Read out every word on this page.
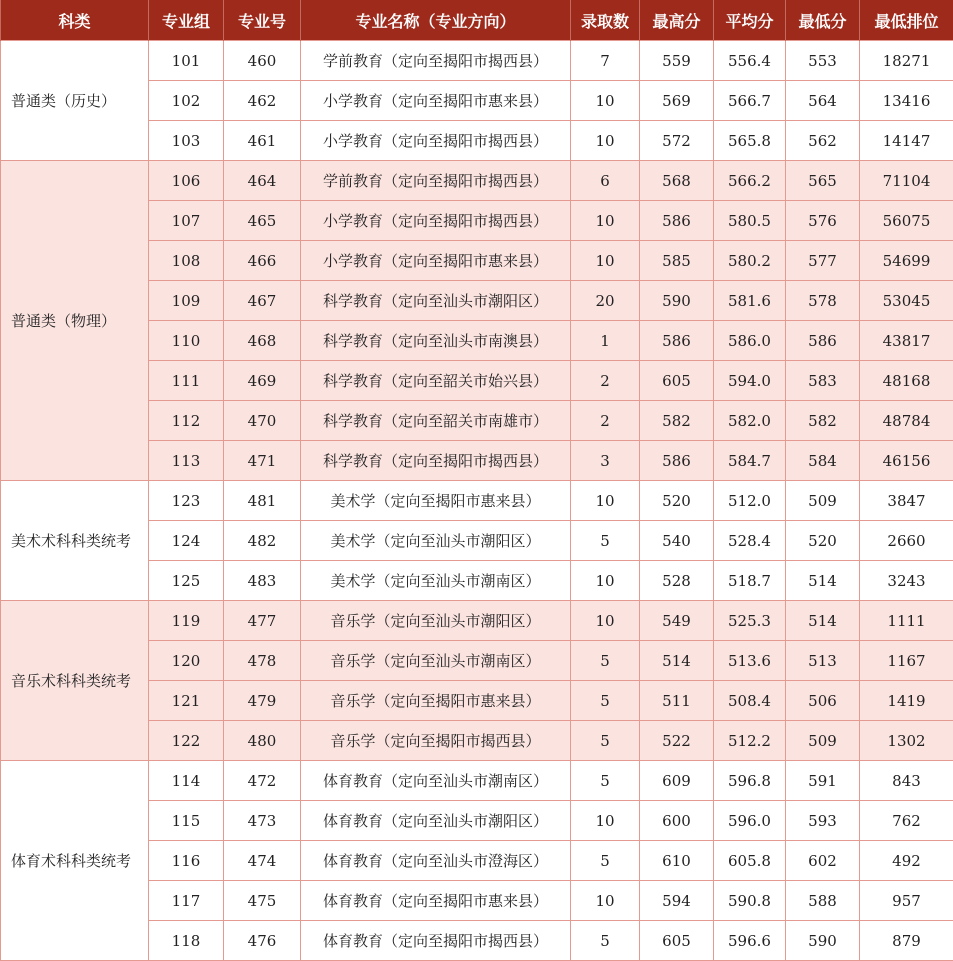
科类	专业组	专业号	专业名称（专业方向）	录取数	最高分	平均分	最低分	最低排位
普通类（历史）	101	460	学前教育（定向至揭阳市揭西县）	7	559	556.4	553	18271
	102	462	小学教育（定向至揭阳市惠来县）	10	569	566.7	564	13416
	103	461	小学教育（定向至揭阳市揭西县）	10	572	565.8	562	14147
普通类（物理）	106	464	学前教育（定向至揭阳市揭西县）	6	568	566.2	565	71104
	107	465	小学教育（定向至揭阳市揭西县）	10	586	580.5	576	56075
	108	466	小学教育（定向至揭阳市惠来县）	10	585	580.2	577	54699
	109	467	科学教育（定向至汕头市潮阳区）	20	590	581.6	578	53045
	110	468	科学教育（定向至汕头市南澳县）	1	586	586.0	586	43817
	111	469	科学教育（定向至韶关市始兴县）	2	605	594.0	583	48168
	112	470	科学教育（定向至韶关市南雄市）	2	582	582.0	582	48784
	113	471	科学教育（定向至揭阳市揭西县）	3	586	584.7	584	46156
美术术科科类统考	123	481	美术学（定向至揭阳市惠来县）	10	520	512.0	509	3847
	124	482	美术学（定向至汕头市潮阳区）	5	540	528.4	520	2660
	125	483	美术学（定向至汕头市潮南区）	10	528	518.7	514	3243
音乐术科科类统考	119	477	音乐学（定向至汕头市潮阳区）	10	549	525.3	514	1111
	120	478	音乐学（定向至汕头市潮南区）	5	514	513.6	513	1167
	121	479	音乐学（定向至揭阳市惠来县）	5	511	508.4	506	1419
	122	480	音乐学（定向至揭阳市揭西县）	5	522	512.2	509	1302
体育术科科类统考	114	472	体育教育（定向至汕头市潮南区）	5	609	596.8	591	843
	115	473	体育教育（定向至汕头市潮阳区）	10	600	596.0	593	762
	116	474	体育教育（定向至汕头市澄海区）	5	610	605.8	602	492
	117	475	体育教育（定向至揭阳市惠来县）	10	594	590.8	588	957
	118	476	体育教育（定向至揭阳市揭西县）	5	605	596.6	590	879
